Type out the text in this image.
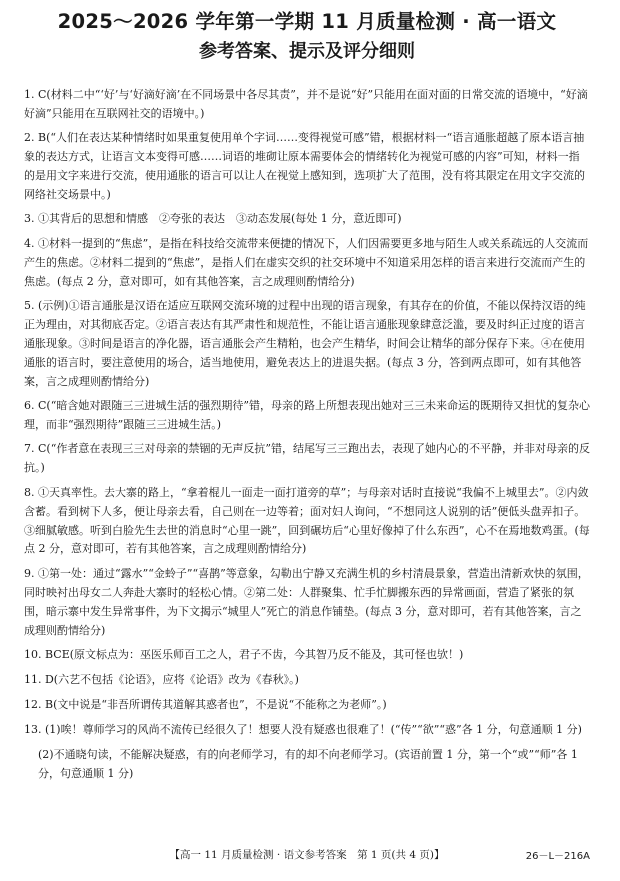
2025～2026 学年第一学期 11 月质量检测 · 高一语文
参考答案、提示及评分细则

1. C(材料二中“‘好’与‘好滴好滴’在不同场景中各尽其责”，并不是说“好”只能用在面对面的日常交流的语境中，“好滴好滴”只能用在互联网社交的语境中。)

2. B(“人们在表达某种情绪时如果重复使用单个字词……变得视觉可感”错，根据材料一“语言通胀超越了原本语言抽象的表达方式，让语言文本变得可感……词语的堆砌让原本需要体会的情绪转化为视觉可感的内容”可知，材料一指的是用文字来进行交流，使用通胀的语言可以让人在视觉上感知到，选项扩大了范围，没有将其限定在用文字交流的网络社交场景中。)

3. ①其背后的思想和情感　②夸张的表达　③动态发展(每处 1 分，意近即可)

4. ①材料一提到的“焦虑”，是指在科技给交流带来便捷的情况下，人们因需要更多地与陌生人或关系疏远的人交流而产生的焦虑。②材料二提到的“焦虑”，是指人们在虚实交织的社交环境中不知道采用怎样的语言来进行交流而产生的焦虑。(每点 2 分，意对即可，如有其他答案，言之成理则酌情给分)

5. (示例)①语言通胀是汉语在适应互联网交流环境的过程中出现的语言现象，有其存在的价值，不能以保持汉语的纯正为理由，对其彻底否定。②语言表达有其严肃性和规范性，不能让语言通胀现象肆意泛滥，要及时纠正过度的语言通胀现象。③时间是语言的净化器，语言通胀会产生精粕，也会产生精华，时间会让精华的部分保存下来。④在使用通胀的语言时，要注意使用的场合，适当地使用，避免表达上的进退失据。(每点 3 分，答到两点即可，如有其他答案，言之成理则酌情给分)

6. C(“暗含她对跟随三三进城生活的强烈期待”错，母亲的路上所想表现出她对三三未来命运的既期待又担忧的复杂心理，而非“强烈期待”跟随三三进城生活。)

7. C(“作者意在表现三三对母亲的禁锢的无声反抗”错，结尾写三三跑出去，表现了她内心的不平静，并非对母亲的反抗。)

8. ①天真率性。去大寨的路上，“拿着棍儿一面走一面打道旁的草”；与母亲对话时直接说“我偏不上城里去”。②内敛含蓄。看到树下人多，便让母亲去看，自己则在一边等着；面对妇人询问，“不想同这人说别的话”便低头盘弄扣子。③细腻敏感。听到白脸先生去世的消息时“心里一跳”，回到碾坊后“心里好像掉了什么东西”，心不在焉地数鸡蛋。(每点 2 分，意对即可，若有其他答案，言之成理则酌情给分)

9. ①第一处：通过“露水”“金蛉子”“喜鹊”等意象，勾勒出宁静又充满生机的乡村清晨景象，营造出清新欢快的氛围，同时映衬出母女二人奔赴大寨时的轻松心情。②第二处：人群聚集、忙手忙脚搬东西的异常画面，营造了紧张的氛围，暗示寨中发生异常事件，为下文揭示“城里人”死亡的消息作铺垫。(每点 3 分，意对即可，若有其他答案，言之成理则酌情给分)

10. BCE(原文标点为：巫医乐师百工之人，君子不齿，今其智乃反不能及，其可怪也欤！)
11. D(六艺不包括《论语》，应将《论语》改为《春秋》。)
12. B(文中说是“非吾所谓传其道解其惑者也”，不是说“不能称之为老师”。)
13. (1)唉！尊师学习的风尚不流传已经很久了！想要人没有疑惑也很难了！(“传”“欲”“惑”各 1 分，句意通顺 1 分)

(2)不通晓句读，不能解决疑惑，有的向老师学习，有的却不向老师学习。(宾语前置 1 分，第一个“或”“师”各 1 分，句意通顺 1 分)

【高一 11 月质量检测 · 语文参考答案　第 1 页(共 4 页)】	26－L－216A
